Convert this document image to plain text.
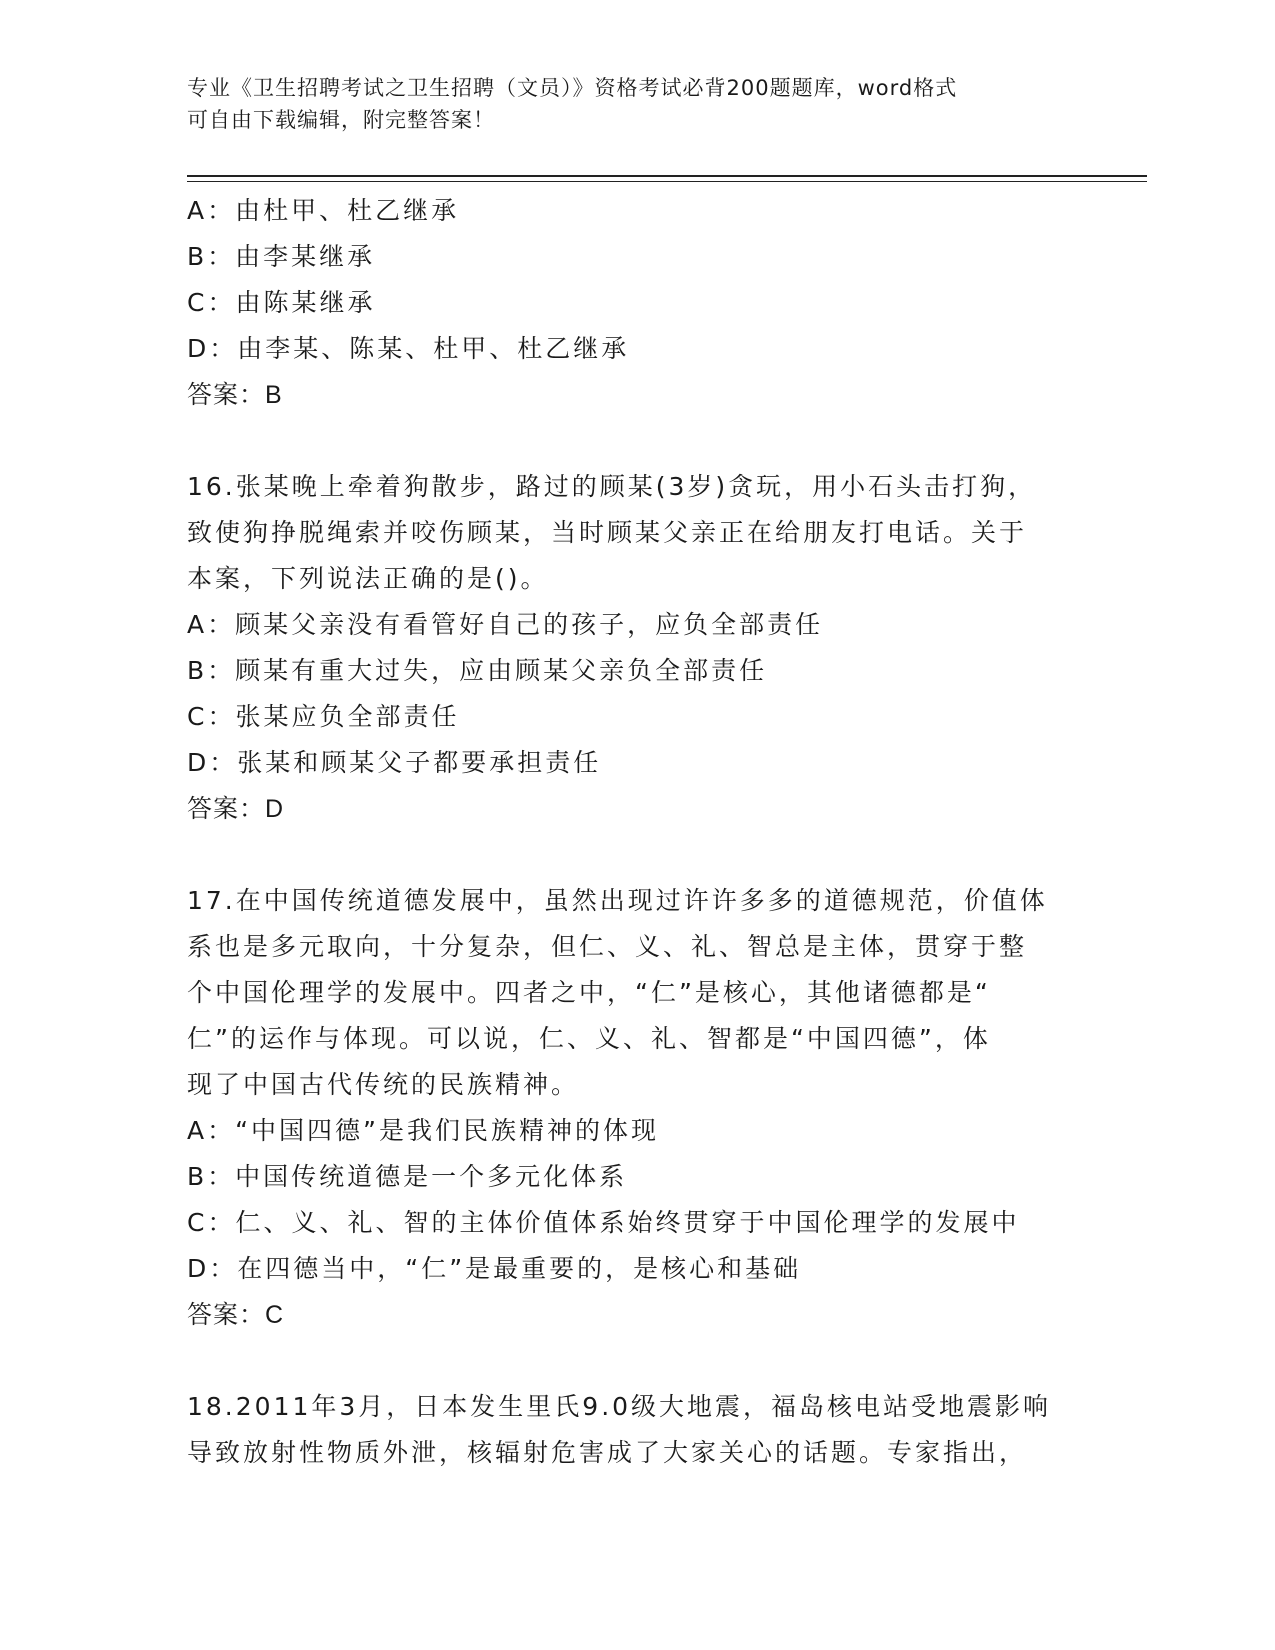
专业《卫生招聘考试之卫生招聘（文员）》资格考试必背200题题库，word格式
可自由下载编辑，附完整答案！
A：由杜甲、杜乙继承
B：由李某继承
C：由陈某继承
D：由李某、陈某、杜甲、杜乙继承
答案：B
16.张某晚上牵着狗散步，路过的顾某(3岁)贪玩，用小石头击打狗，
致使狗挣脱绳索并咬伤顾某，当时顾某父亲正在给朋友打电话。关于
本案，下列说法正确的是()。
A：顾某父亲没有看管好自己的孩子，应负全部责任
B：顾某有重大过失，应由顾某父亲负全部责任
C：张某应负全部责任
D：张某和顾某父子都要承担责任
答案：D
17.在中国传统道德发展中，虽然出现过许许多多的道德规范，价值体
系也是多元取向，十分复杂，但仁、义、礼、智总是主体，贯穿于整
个中国伦理学的发展中。四者之中，“仁”是核心，其他诸德都是“
仁”的运作与体现。可以说，仁、义、礼、智都是“中国四德”，体
现了中国古代传统的民族精神。
A：“中国四德”是我们民族精神的体现
B：中国传统道德是一个多元化体系
C：仁、义、礼、智的主体价值体系始终贯穿于中国伦理学的发展中
D：在四德当中，“仁”是最重要的，是核心和基础
答案：C
18.2011年3月，日本发生里氏9.0级大地震，福岛核电站受地震影响
导致放射性物质外泄，核辐射危害成了大家关心的话题。专家指出，
